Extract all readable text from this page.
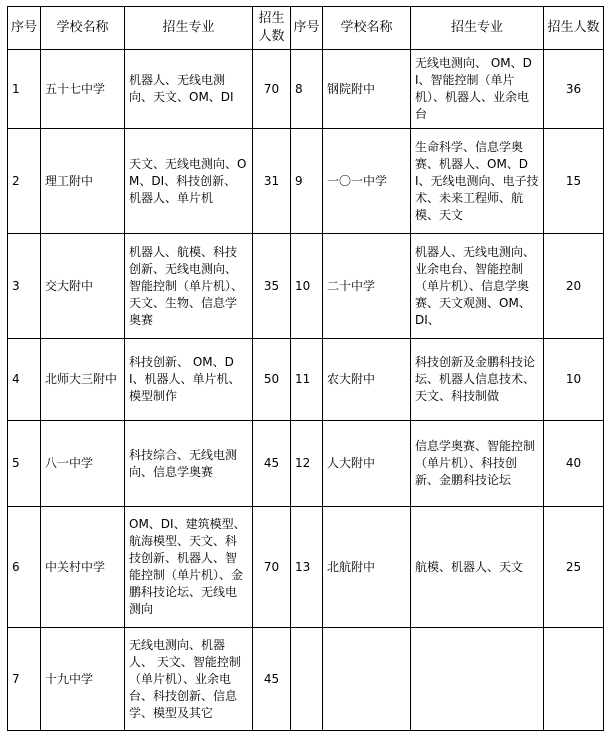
序号	学校名称	招生专业	招生人数	序号	学校名称	招生专业	招生人数
1	五十七中学	机器人、无线电测向、天文、OM、DI	70	8	钢院附中	无线电测向、 OM、DI、智能控制（单片机）、机器人、业余电台	36
2	理工附中	天文、无线电测向、OM、DI、科技创新、机器人、单片机	31	9	一〇一中学	生命科学、信息学奥赛、机器人、OM、DI、无线电测向、电子技术、未来工程师、航模、天文	15
3	交大附中	机器人、航模、科技创新、无线电测向、智能控制（单片机）、天文、生物、信息学奥赛	35	10	二十中学	机器人、无线电测向、业余电台、智能控制（单片机）、信息学奥赛、天文观测、OM、DI、	20
4	北师大三附中	科技创新、 OM、DI、机器人、单片机、模型制作	50	11	农大附中	科技创新及金鹏科技论坛、机器人信息技术、天文、科技制做	10
5	八一中学	科技综合、无线电测向、信息学奥赛	45	12	人大附中	信息学奥赛、智能控制（单片机）、科技创新、金鹏科技论坛	40
6	中关村中学	OM、DI、建筑模型、航海模型、天文、科技创新、机器人、智能控制（单片机）、金鹏科技论坛、无线电测向	70	13	北航附中	航模、机器人、天文	25
7	十九中学	无线电测向、机器人、 天文、智能控制（单片机）、业余电台、科技创新、信息学、模型及其它	45				
